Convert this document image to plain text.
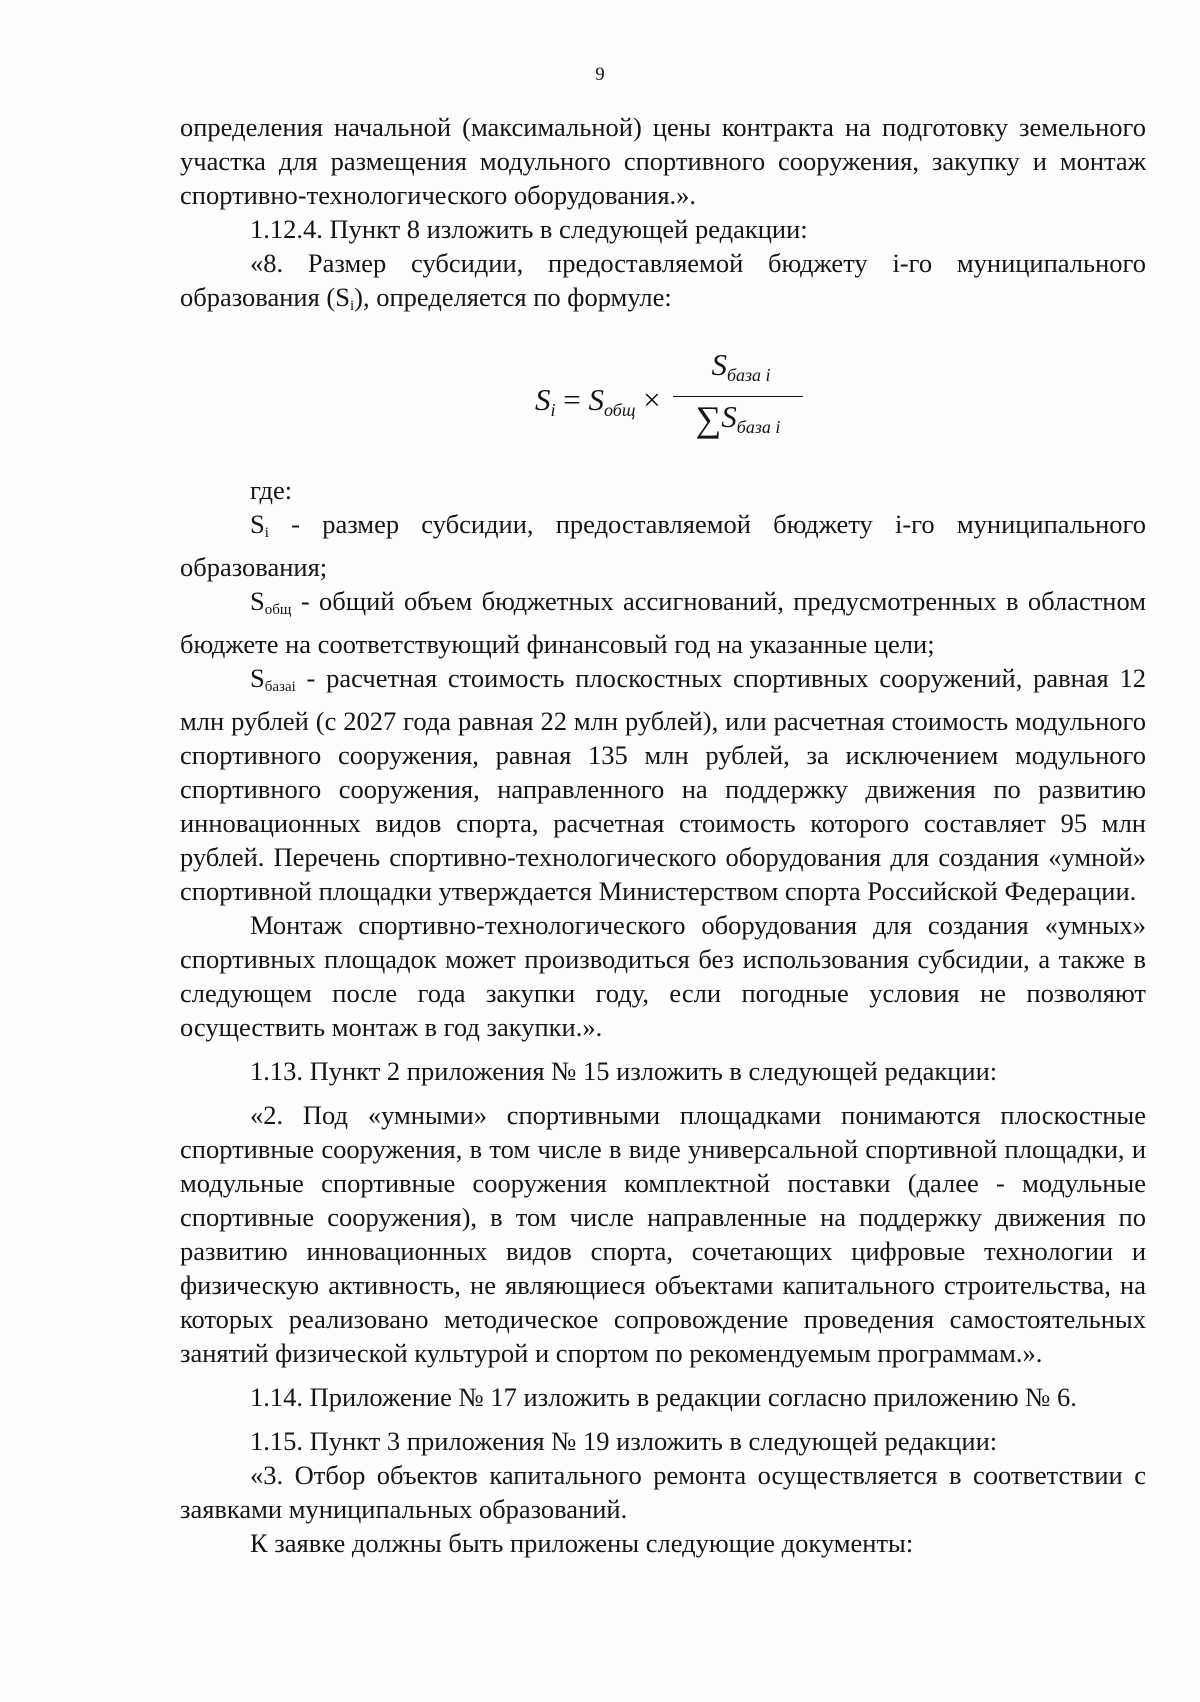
9

определения начальной (максимальной) цены контракта на подготовку земельного участка для размещения модульного спортивного сооружения, закупку и монтаж спортивно-технологического оборудования.».

1.12.4. Пункт 8 изложить в следующей редакции:

«8. Размер субсидии, предоставляемой бюджету i-го муниципального образования $(S_i)$, определяется по формуле:

$S_i = S_{общ}$ ×
$S_{база i}$
$\sum S_{база i}$

где:

$S_i$ - размер субсидии, предоставляемой бюджету i-го муниципального образования;

$S_{общ}$ - общий объем бюджетных ассигнований, предусмотренных в областном бюджете на соответствующий финансовый год на указанные цели;

$S_{базаi}$ - расчетная стоимость плоскостных спортивных сооружений, равная 12 млн рублей (с 2027 года равная 22 млн рублей), или расчетная стоимость модульного спортивного сооружения, равная 135 млн рублей, за исключением модульного спортивного сооружения, направленного на поддержку движения по развитию инновационных видов спорта, расчетная стоимость которого составляет 95 млн рублей. Перечень спортивно-технологического оборудования для создания «умной» спортивной площадки утверждается Министерством спорта Российской Федерации.

Монтаж спортивно-технологического оборудования для создания «умных» спортивных площадок может производиться без использования субсидии, а также в следующем после года закупки году, если погодные условия не позволяют осуществить монтаж в год закупки.».

1.13. Пункт 2 приложения № 15 изложить в следующей редакции:

«2. Под «умными» спортивными площадками понимаются плоскостные спортивные сооружения, в том числе в виде универсальной спортивной площадки, и модульные спортивные сооружения комплектной поставки (далее - модульные спортивные сооружения), в том числе направленные на поддержку движения по развитию инновационных видов спорта, сочетающих цифровые технологии и физическую активность, не являющиеся объектами капитального строительства, на которых реализовано методическое сопровождение проведения самостоятельных занятий физической культурой и спортом по рекомендуемым программам.».

1.14. Приложение № 17 изложить в редакции согласно приложению № 6.

1.15. Пункт 3 приложения № 19 изложить в следующей редакции:

«3. Отбор объектов капитального ремонта осуществляется в соответствии с заявками муниципальных образований.

К заявке должны быть приложены следующие документы:
